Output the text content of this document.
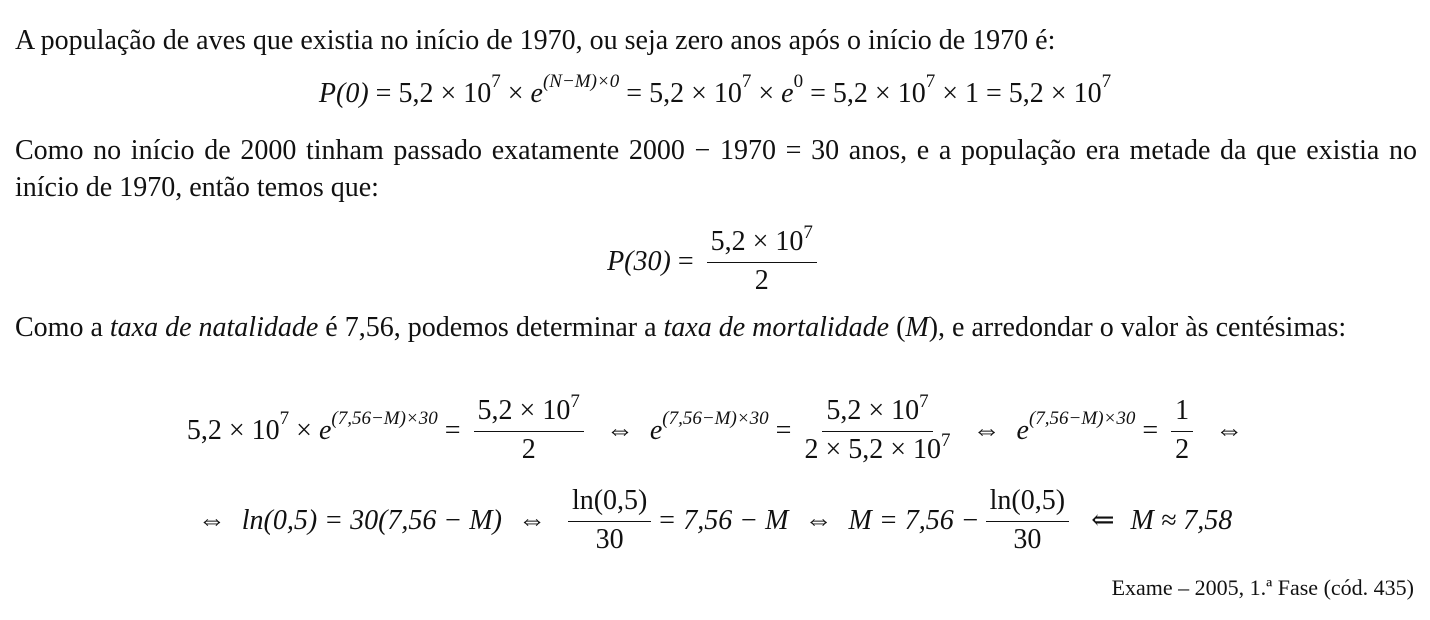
A população de aves que existia no início de 1970, ou seja zero anos após o início de 1970 é:
$P(0) = 5,2 \times 10^7 \times e^{(N-M)\times 0} = 5,2 \times 10^7 \times e^0 = 5,2 \times 10^7 \times 1 = 5,2 \times 10^7$
Como no início de 2000 tinham passado exatamente 2000 − 1970 = 30 anos, e a população era metade da que existia no início de 1970, então temos que:
$P(30) = \frac{5,2 \times 10^7}{2}$
Como a taxa de natalidade é 7,56, podemos determinar a taxa de mortalidade (M), e arredondar o valor às centésimas:
$5,2 \times 10^7 \times e^{(7,56-M)\times 30} = \frac{5,2 \times 10^7}{2}$ ⇔ $e^{(7,56-M)\times 30} = \frac{5,2 \times 10^7}{2 \times 5,2 \times 10^7}$ ⇔ $e^{(7,56-M)\times 30} = \frac{1}{2}$ ⇔
⇔ ln(0,5) = 30(7,56 − M) ⇔ $\frac{\ln(0,5)}{30} = 7,56 - M$ ⇔ $M = 7,56 - \frac{\ln(0,5)}{30}$ ⇐ M ≈ 7,58
Exame – 2005, 1.ª Fase (cód. 435)
